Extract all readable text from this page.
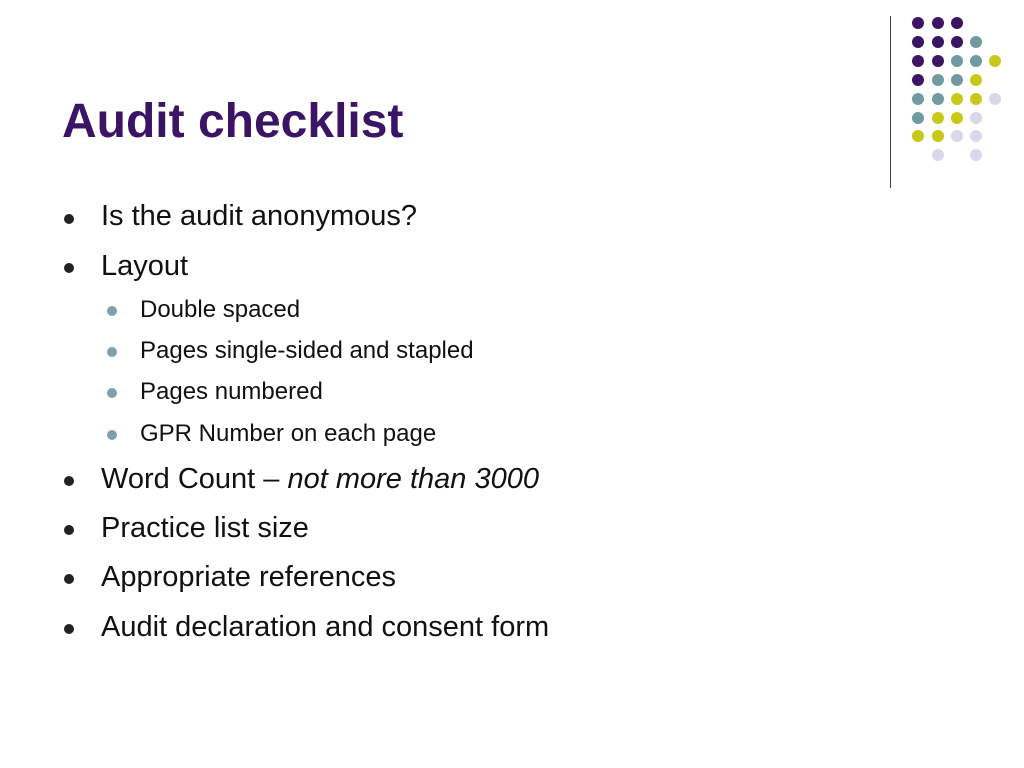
Audit checklist
Is the audit anonymous?
Layout
Double spaced
Pages single-sided and stapled
Pages numbered
GPR Number on each page
Word Count – not more than 3000
Practice list size
Appropriate references
Audit declaration and consent form
